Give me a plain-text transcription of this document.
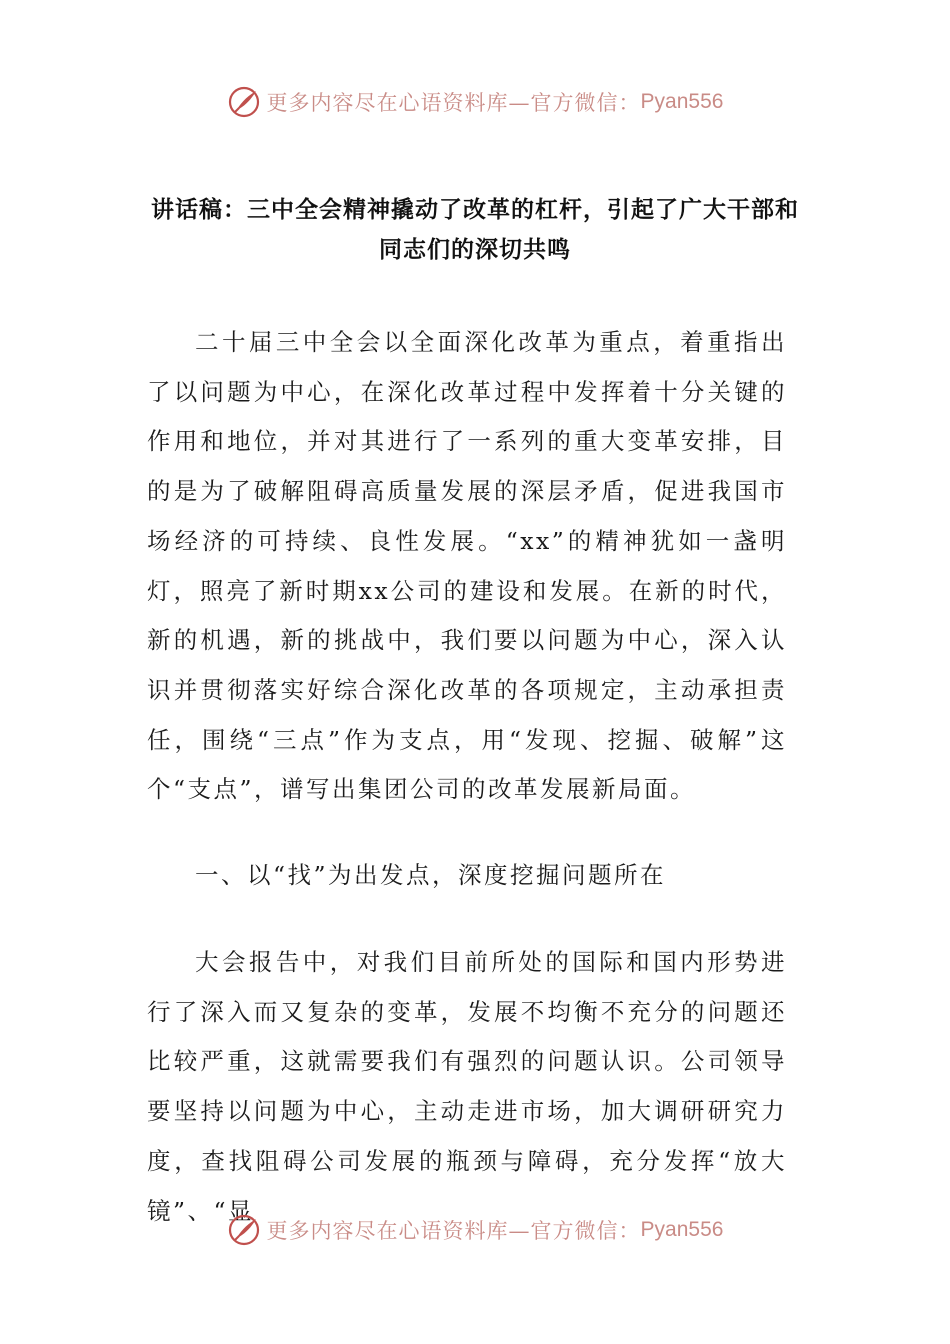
更多内容尽在心语资料库—官方微信： Pyan556
讲话稿：三中全会精神撬动了改革的杠杆，引起了广大干部和同志们的深切共鸣

二十届三中全会以全面深化改革为重点，着重指出了以问题为中心，在深化改革过程中发挥着十分关键的作用和地位，并对其进行了一系列的重大变革安排，目的是为了破解阻碍高质量发展的深层矛盾，促进我国市场经济的可持续、良性发展。“xx”的精神犹如一盏明灯，照亮了新时期xx公司的建设和发展。在新的时代，新的机遇，新的挑战中，我们要以问题为中心，深入认识并贯彻落实好综合深化改革的各项规定，主动承担责任，围绕“三点”作为支点，用“发现、挖掘、破解”这个“支点”，谱写出集团公司的改革发展新局面。

一、以“找”为出发点，深度挖掘问题所在

大会报告中，对我们目前所处的国际和国内形势进行了深入而又复杂的变革，发展不均衡不充分的问题还比较严重，这就需要我们有强烈的问题认识。公司领导要坚持以问题为中心，主动走进市场，加大调研研究力度，查找阻碍公司发展的瓶颈与障碍，充分发挥“放大镜”、“显

更多内容尽在心语资料库—官方微信： Pyan556
